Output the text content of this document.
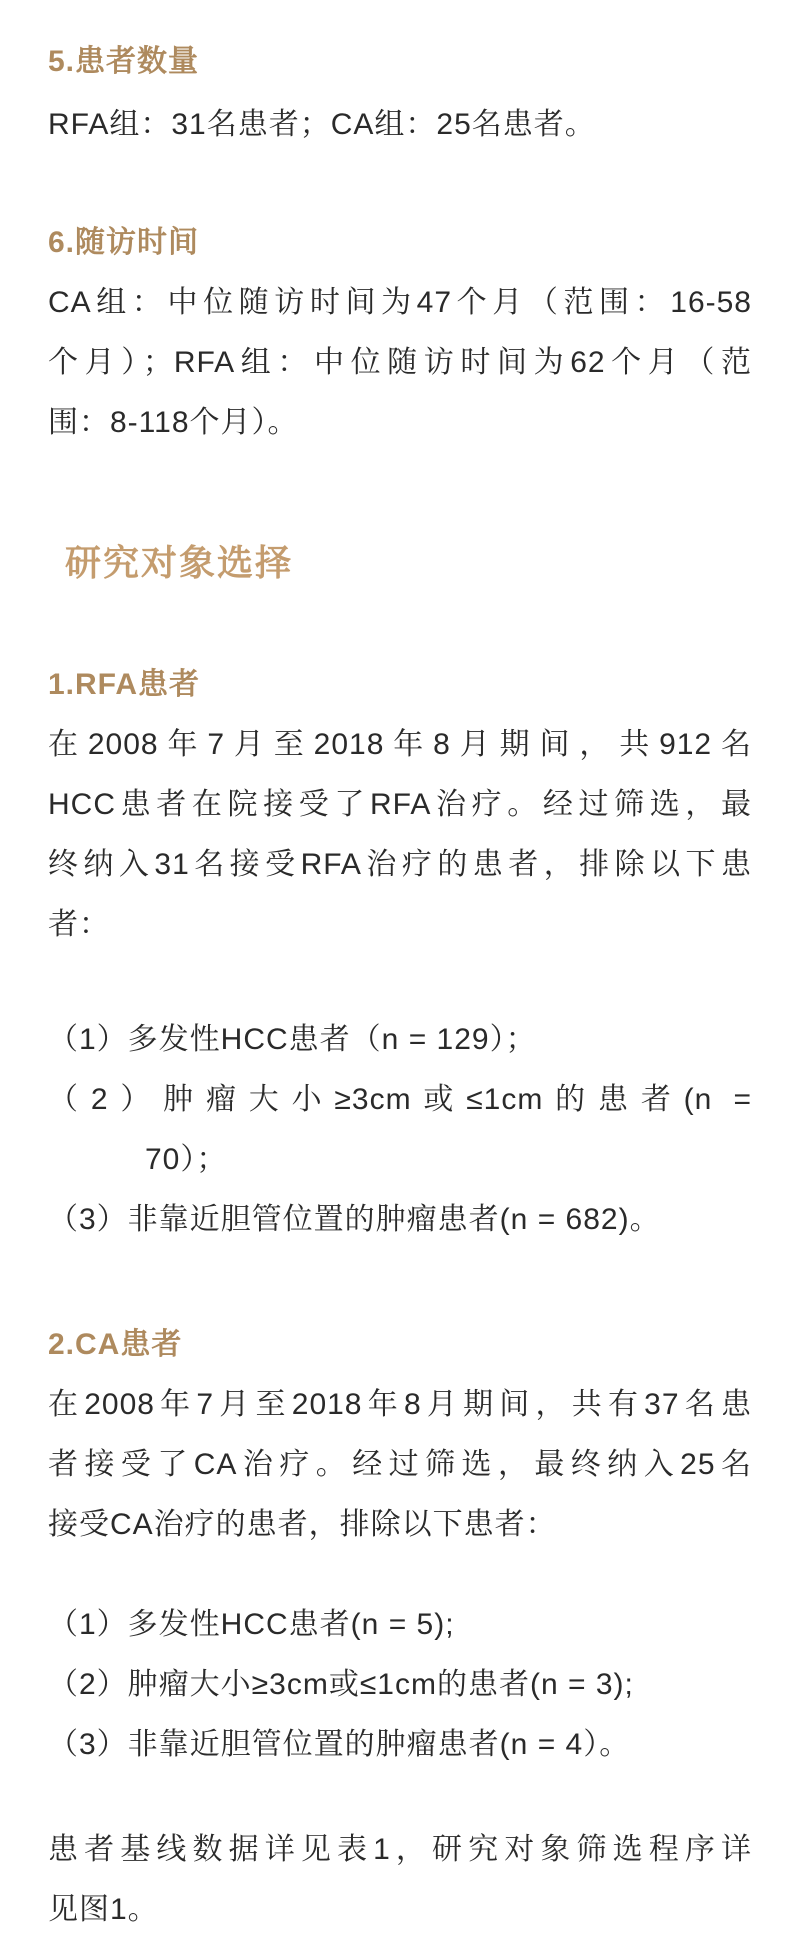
5.患者数量

RFA组：31名患者；CA组：25名患者。

6.随访时间
CA组：中位随访时间为47个月（范围：16-58
个月）；RFA组：中位随访时间为62个月（范
围：8-118个月）。
研究对象选择
1.RFA患者
在2008年7月至2018年8月期间，共912名
HCC患者在院接受了RFA治疗。经过筛选，最
终纳入31名接受RFA治疗的患者，排除以下患
者：
（1）多发性HCC患者（n = 129）；
（2）肿瘤大小≥3cm或≤1cm的患者(n =
70）；
（3）非靠近胆管位置的肿瘤患者(n = 682)。
2.CA患者
在2008年7月至2018年8月期间，共有37名患
者接受了CA治疗。经过筛选，最终纳入25名
接受CA治疗的患者，排除以下患者：
（1）多发性HCC患者(n = 5);
（2）肿瘤大小≥3cm或≤1cm的患者(n = 3);
（3）非靠近胆管位置的肿瘤患者(n = 4）。
患者基线数据详见表1，研究对象筛选程序详
见图1。
